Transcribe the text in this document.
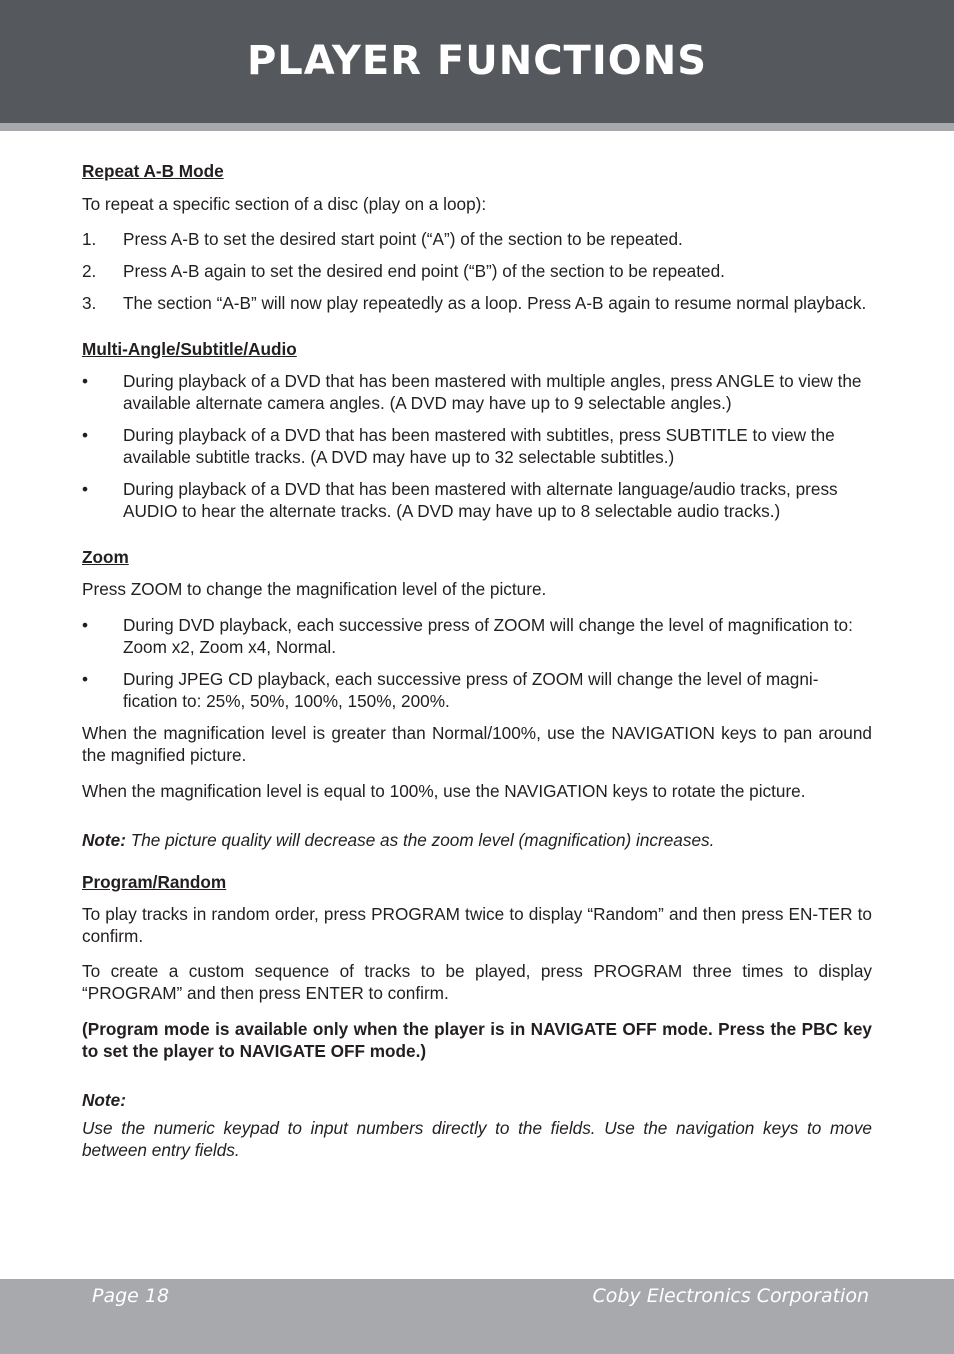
PLAYER FUNCTIONS

Repeat A-B Mode

To repeat a specific section of a disc (play on a loop):

1. Press A-B to set the desired start point (“A”) of the section to be repeated.
2. Press A-B again to set the desired end point (“B”) of the section to be repeated.
3. The section “A-B” will now play repeatedly as a loop. Press A-B again to resume normal playback.

Multi-Angle/Subtitle/Audio

• During playback of a DVD that has been mastered with multiple angles, press ANGLE to view the available alternate camera angles. (A DVD may have up to 9 selectable angles.)
• During playback of a DVD that has been mastered with subtitles, press SUBTITLE to view the available subtitle tracks. (A DVD may have up to 32 selectable subtitles.)
• During playback of a DVD that has been mastered with alternate language/audio tracks, press AUDIO to hear the alternate tracks. (A DVD may have up to 8 selectable audio tracks.)

Zoom

Press ZOOM to change the magnification level of the picture.

• During DVD playback, each successive press of ZOOM will change the level of magnification to: Zoom x2, Zoom x4, Normal.
• During JPEG CD playback, each successive press of ZOOM will change the level of magni-fication to: 25%, 50%, 100%, 150%, 200%.

When the magnification level is greater than Normal/100%, use the NAVIGATION keys to pan around the magnified picture.

When the magnification level is equal to 100%, use the NAVIGATION keys to rotate the picture.

Note: The picture quality will decrease as the zoom level (magnification) increases.

Program/Random

To play tracks in random order, press PROGRAM twice to display “Random” and then press EN-TER to confirm.

To create a custom sequence of tracks to be played, press PROGRAM three times to display “PROGRAM” and then press ENTER to confirm.

(Program mode is available only when the player is in NAVIGATE OFF mode. Press the PBC key to set the player to NAVIGATE OFF mode.)

Note:

Use the numeric keypad to input numbers directly to the fields. Use the navigation keys to move between entry fields.

Page 18	Coby Electronics Corporation
